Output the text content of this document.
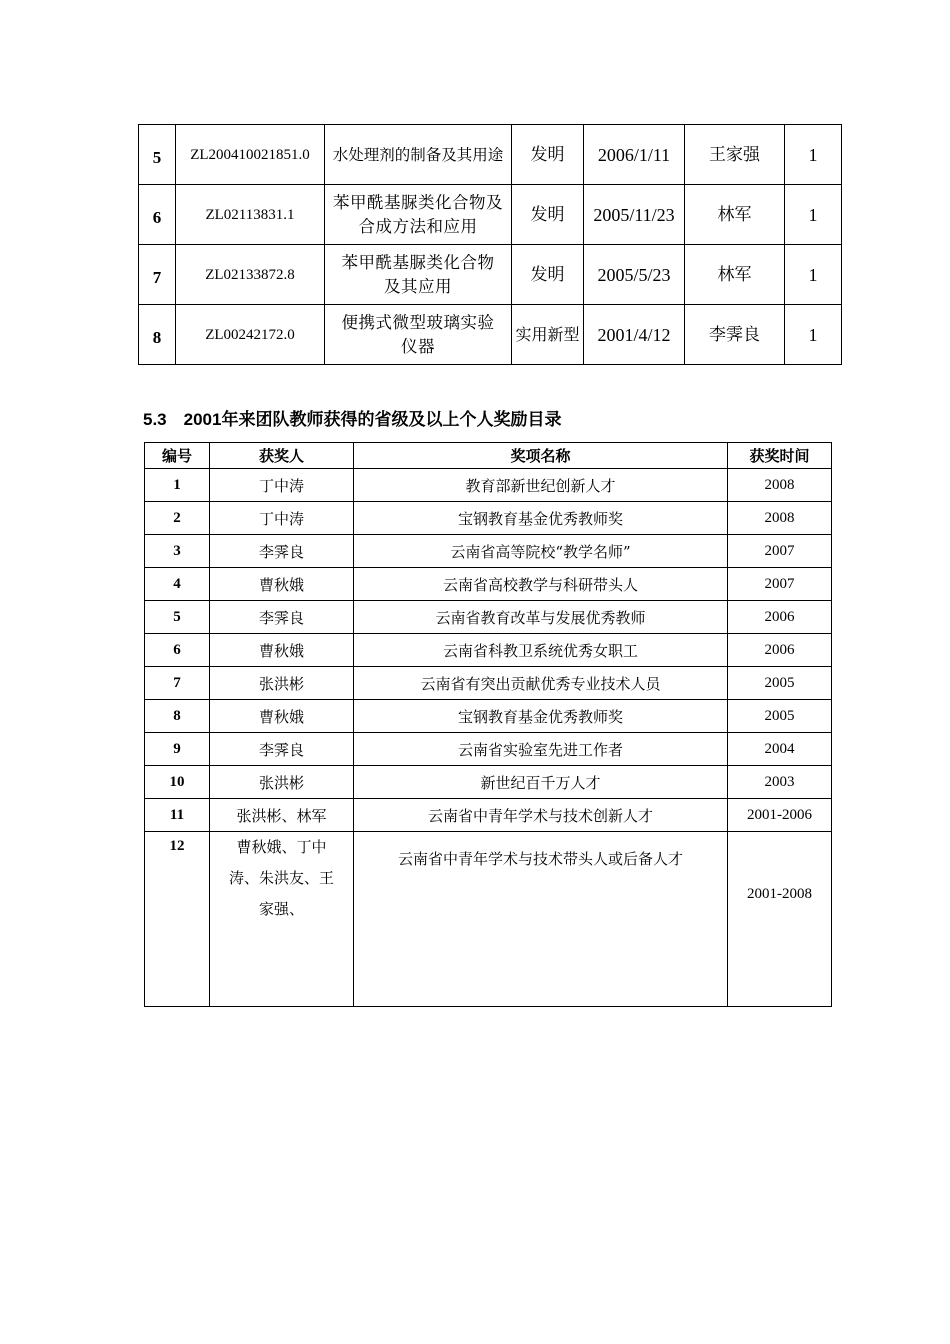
5	ZL200410021851.0	水处理剂的制备及其用途	发明	2006/1/11	王家强	1
6	ZL02113831.1	苯甲酰基脲类化合物及合成方法和应用	发明	2005/11/23	林军	1
7	ZL02133872.8	苯甲酰基脲类化合物及其应用	发明	2005/5/23	林军	1
8	ZL00242172.0	便携式微型玻璃实验仪器	实用新型	2001/4/12	李霁良	1
5.3　2001年来团队教师获得的省级及以上个人奖励目录
编号	获奖人	奖项名称	获奖时间
1	丁中涛	教育部新世纪创新人才	2008
2	丁中涛	宝钢教育基金优秀教师奖	2008
3	李霁良	云南省高等院校“教学名师”	2007
4	曹秋娥	云南省高校教学与科研带头人	2007
5	李霁良	云南省教育改革与发展优秀教师	2006
6	曹秋娥	云南省科教卫系统优秀女职工	2006
7	张洪彬	云南省有突出贡献优秀专业技术人员	2005
8	曹秋娥	宝钢教育基金优秀教师奖	2005
9	李霁良	云南省实验室先进工作者	2004
10	张洪彬	新世纪百千万人才	2003
11	张洪彬、林军	云南省中青年学术与技术创新人才	2001-2006
12	曹秋娥、丁中涛、朱洪友、王家强、	云南省中青年学术与技术带头人或后备人才	2001-2008
